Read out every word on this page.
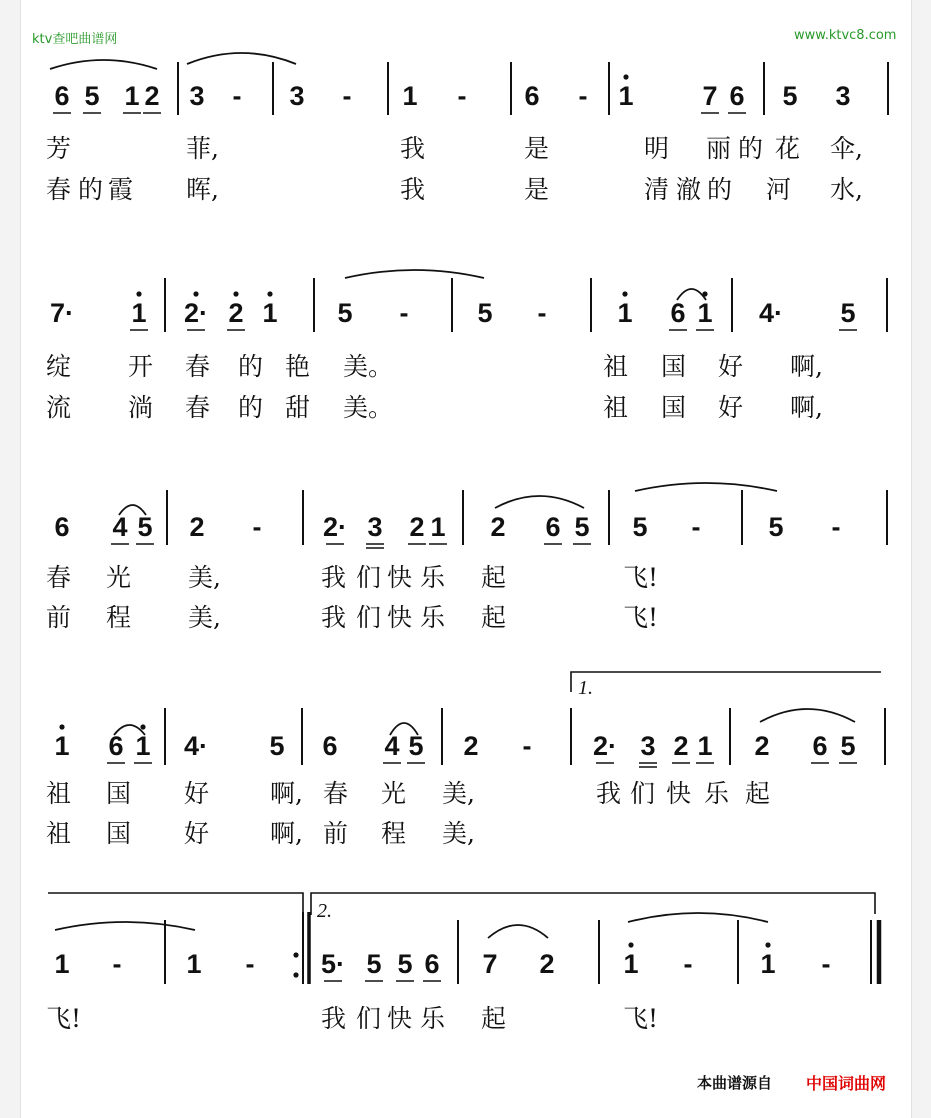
ktv查吧曲谱网	www.ktvc8.com
6 5 1 2 3 - 3 - 1 - 6 - 1	7 6 5 3
芳	菲,	我	是	明 丽 的 花 伞,
春 的 霞 晖,	我	是	清 澈 的 河 水,
7· 1 2· 2 1 5 -	5 -	1 6 1 4· 5
绽 开 春 的 艳 美。	祖 国 好 啊,
流 淌 春 的 甜 美。	祖 国 好 啊,
6 4 5 2 - 2· 3 2 1 2 6 5 5 -	5 -
春 光 美,	我 们 快 乐 起	飞!
前 程 美,	我 们 快 乐 起	飞!
1 6 1 4· 5 6 4 5 2 - 2· 3 2 1 2 6 5
1.
祖 国 好 啊, 春 光 美,	我 们 快 乐 起
祖 国 好 啊, 前 程 美,
1 - 1 - 5· 5 5 6 7 2	1 -	1 -
2.
飞!	我 们 快 乐 起	飞!
本曲谱源自 中国词曲网
